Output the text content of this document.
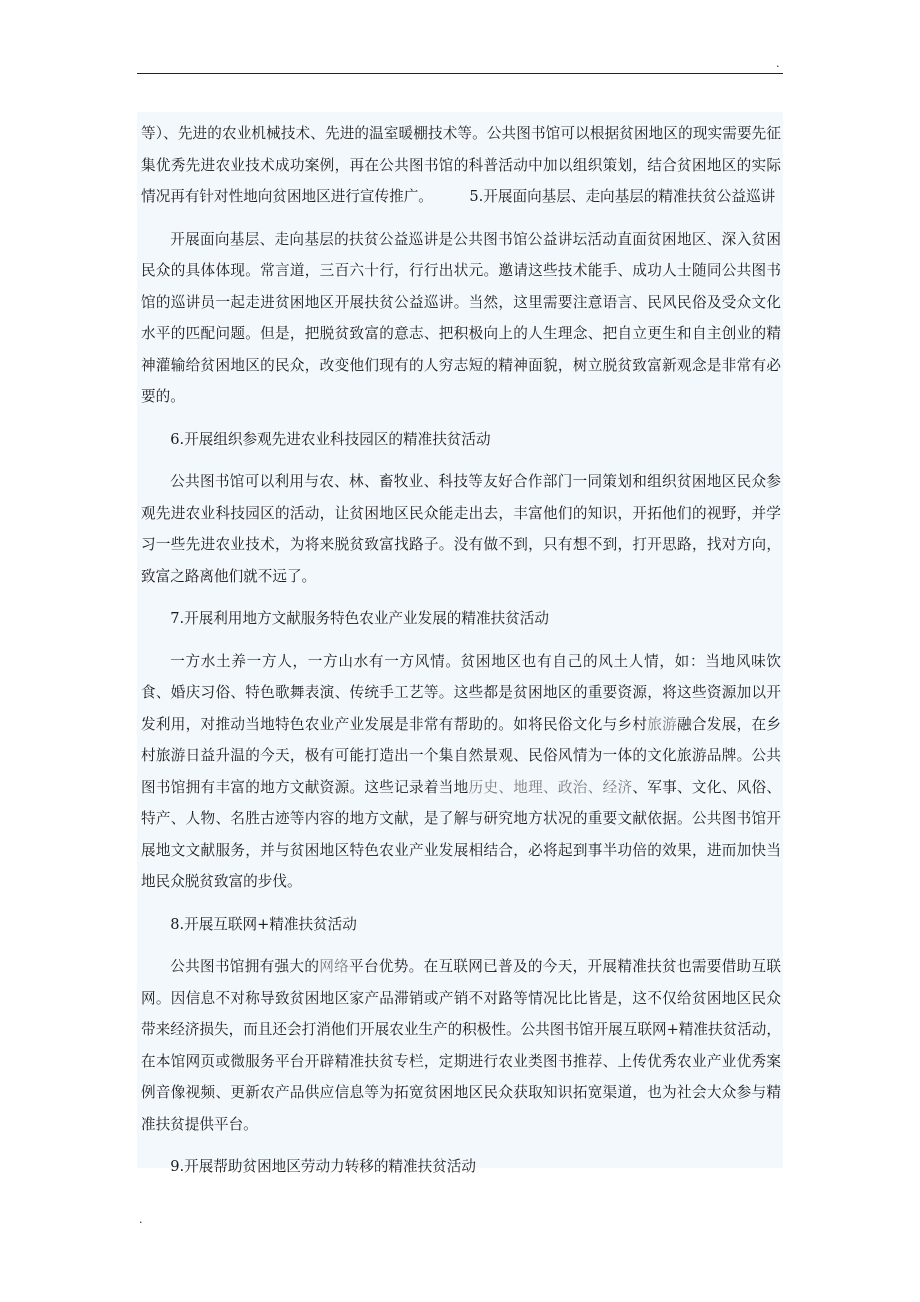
.

等）、先进的农业机械技术、先进的温室暖棚技术等。公共图书馆可以根据贫困地区的现实需要先征集优秀先进农业技术成功案例，再在公共图书馆的科普活动中加以组织策划，结合贫困地区的实际情况再有针对性地向贫困地区进行宣传推广。　　　5.开展面向基层、走向基层的精准扶贫公益巡讲

开展面向基层、走向基层的扶贫公益巡讲是公共图书馆公益讲坛活动直面贫困地区、深入贫困民众的具体体现。常言道，三百六十行，行行出状元。邀请这些技术能手、成功人士随同公共图书馆的巡讲员一起走进贫困地区开展扶贫公益巡讲。当然，这里需要注意语言、民风民俗及受众文化水平的匹配问题。但是，把脱贫致富的意志、把积极向上的人生理念、把自立更生和自主创业的精神灌输给贫困地区的民众，改变他们现有的人穷志短的精神面貌，树立脱贫致富新观念是非常有必要的。

6.开展组织参观先进农业科技园区的精准扶贫活动

公共图书馆可以利用与农、林、畜牧业、科技等友好合作部门一同策划和组织贫困地区民众参观先进农业科技园区的活动，让贫困地区民众能走出去，丰富他们的知识，开拓他们的视野，并学习一些先进农业技术，为将来脱贫致富找路子。没有做不到，只有想不到，打开思路，找对方向，致富之路离他们就不远了。

7.开展利用地方文献服务特色农业产业发展的精准扶贫活动

一方水土养一方人，一方山水有一方风情。贫困地区也有自己的风土人情，如：当地风味饮食、婚庆习俗、特色歌舞表演、传统手工艺等。这些都是贫困地区的重要资源，将这些资源加以开发利用，对推动当地特色农业产业发展是非常有帮助的。如将民俗文化与乡村旅游融合发展，在乡村旅游日益升温的今天，极有可能打造出一个集自然景观、民俗风情为一体的文化旅游品牌。公共图书馆拥有丰富的地方文献资源。这些记录着当地历史、地理、政治、经济、军事、文化、风俗、特产、人物、名胜古迹等内容的地方文献，是了解与研究地方状况的重要文献依据。公共图书馆开展地文文献服务，并与贫困地区特色农业产业发展相结合，必将起到事半功倍的效果，进而加快当地民众脱贫致富的步伐。

8.开展互联网+精准扶贫活动

公共图书馆拥有强大的网络平台优势。在互联网已普及的今天，开展精准扶贫也需要借助互联网。因信息不对称导致贫困地区家产品滞销或产销不对路等情况比比皆是，这不仅给贫困地区民众带来经济损失，而且还会打消他们开展农业生产的积极性。公共图书馆开展互联网+精准扶贫活动，在本馆网页或微服务平台开辟精准扶贫专栏，定期进行农业类图书推荐、上传优秀农业产业优秀案例音像视频、更新农产品供应信息等为拓宽贫困地区民众获取知识拓宽渠道，也为社会大众参与精准扶贫提供平台。

9.开展帮助贫困地区劳动力转移的精准扶贫活动

.
